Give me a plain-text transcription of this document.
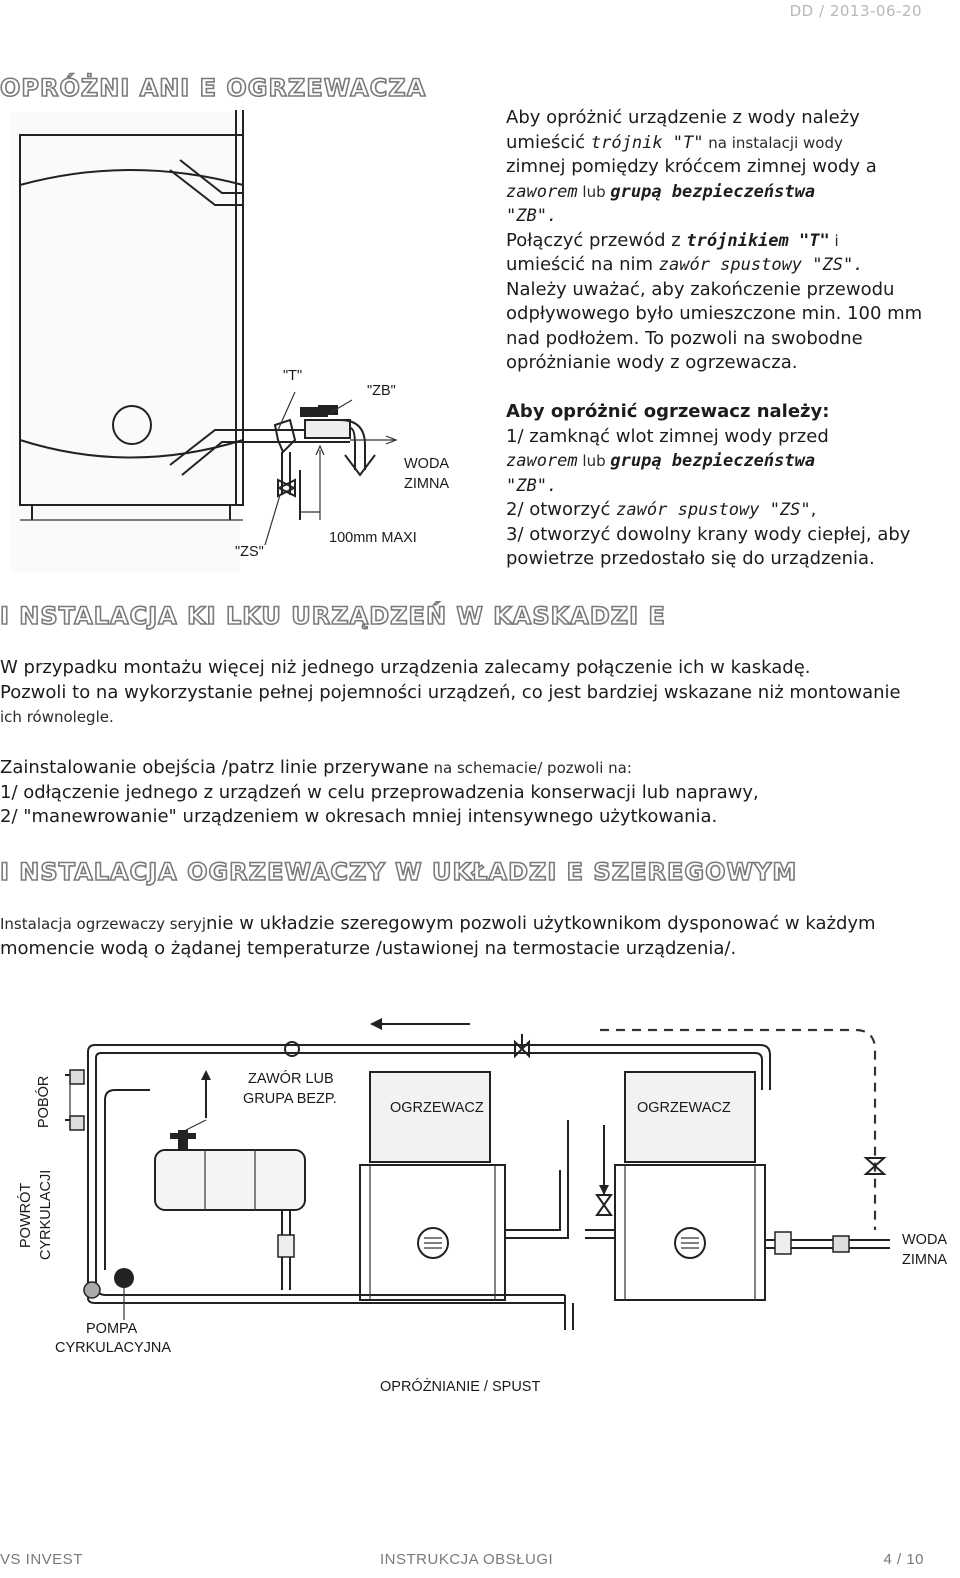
DD / 2013-06-20
OPRÓŻNI ANI E OGRZEWACZA
"T"
"ZB"
WODA
ZIMNA
"ZS"
100mm MAXI

Aby opróżnić urządzenie z wody należy

umieścić trójnik "T" na instalacji wody

zimnej pomiędzy króćcem zimnej wody a

zaworem lub grupą bezpieczeństwa

"ZB".

Połączyć przewód z trójnikiem "T" i

umieścić na nim zawór spustowy "ZS".

Należy uważać, aby zakończenie przewodu

odpływowego było umieszczone min. 100 mm

nad podłożem. To pozwoli na swobodne

opróżnianie wody z ogrzewacza.

Aby opróżnić ogrzewacz należy:

1/ zamknąć wlot zimnej wody przed

zaworem lub grupą bezpieczeństwa

"ZB".

2/ otworzyć zawór spustowy "ZS",

3/ otworzyć dowolny krany wody ciepłej, aby

powietrze przedostało się do urządzenia.

I NSTALACJA KI LKU URZĄDZEŃ W KASKADZI E

W przypadku montażu więcej niż jednego urządzenia zalecamy połączenie ich w kaskadę.

Pozwoli to na wykorzystanie pełnej pojemności urządzeń, co jest bardziej wskazane niż montowanie

ich równolegle.

Zainstalowanie obejścia /patrz linie przerywane na schemacie/ pozwoli na:

1/ odłączenie jednego z urządzeń w celu przeprowadzenia konserwacji lub naprawy,

2/ "manewrowanie" urządzeniem w okresach mniej intensywnego użytkowania.

I NSTALACJA OGRZEWACZY W UKŁADZI E SZEREGOWYM

Instalacja ogrzewaczy seryjnie w układzie szeregowym pozwoli użytkownikom dysponować w każdym

momencie wodą o żądanej temperaturze /ustawionej na termostacie urządzenia/.

POBÓR
POWRÓT CYRKULACJI
ZAWÓR LUB
GRUPA BEZP.
OGRZEWACZ	OGRZEWACZ
WODA
ZIMNA
POMPA
CYRKULACYJNA
OPRÓŻNIANIE / SPUST
VS INVEST	INSTRUKCJA OBSŁUGI	4 / 10
